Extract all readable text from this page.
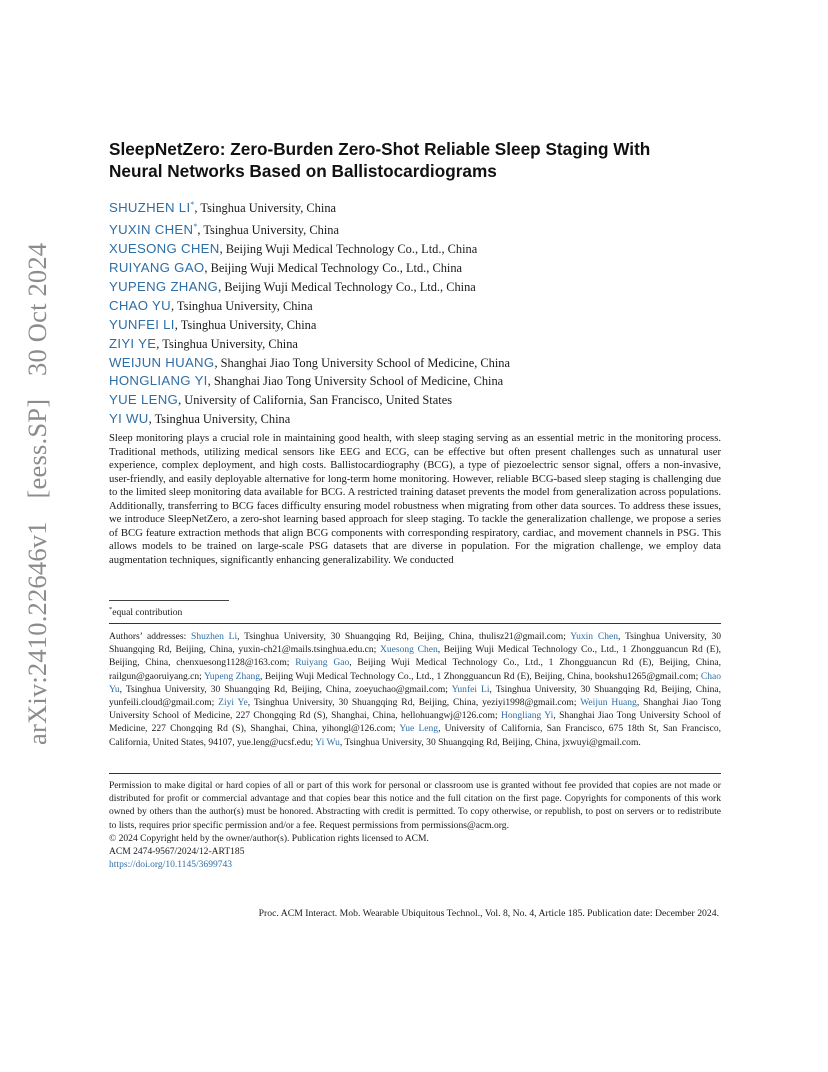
arXiv:2410.22646v1 [eess.SP] 30 Oct 2024
SleepNetZero: Zero-Burden Zero-Shot Reliable Sleep Staging With
Neural Networks Based on Ballistocardiograms
SHUZHEN LI*, Tsinghua University, China
YUXIN CHEN*, Tsinghua University, China
XUESONG CHEN, Beijing Wuji Medical Technology Co., Ltd., China
RUIYANG GAO, Beijing Wuji Medical Technology Co., Ltd., China
YUPENG ZHANG, Beijing Wuji Medical Technology Co., Ltd., China
CHAO YU, Tsinghua University, China
YUNFEI LI, Tsinghua University, China
ZIYI YE, Tsinghua University, China
WEIJUN HUANG, Shanghai Jiao Tong University School of Medicine, China
HONGLIANG YI, Shanghai Jiao Tong University School of Medicine, China
YUE LENG, University of California, San Francisco, United States
YI WU, Tsinghua University, China

Sleep monitoring plays a crucial role in maintaining good health, with sleep staging serving as an essential metric in the monitoring process. Traditional methods, utilizing medical sensors like EEG and ECG, can be effective but often present challenges such as unnatural user experience, complex deployment, and high costs. Ballistocardiography (BCG), a type of piezoelectric sensor signal, offers a non-invasive, user-friendly, and easily deployable alternative for long-term home monitoring. However, reliable BCG-based sleep staging is challenging due to the limited sleep monitoring data available for BCG. A restricted training dataset prevents the model from generalization across populations. Additionally, transferring to BCG faces difficulty ensuring model robustness when migrating from other data sources. To address these issues, we introduce SleepNetZero, a zero-shot learning based approach for sleep staging. To tackle the generalization challenge, we propose a series of BCG feature extraction methods that align BCG components with corresponding respiratory, cardiac, and movement channels in PSG. This allows models to be trained on large-scale PSG datasets that are diverse in population. For the migration challenge, we employ data augmentation techniques, significantly enhancing generalizability. We conducted

*equal contribution
Authors’ addresses: Shuzhen Li, Tsinghua University, 30 Shuangqing Rd, Beijing, China, thulisz21@gmail.com; Yuxin Chen, Tsinghua University, 30 Shuangqing Rd, Beijing, China, yuxin-ch21@mails.tsinghua.edu.cn; Xuesong Chen, Beijing Wuji Medical Technology Co., Ltd., 1 Zhongguancun Rd (E), Beijing, China, chenxuesong1128@163.com; Ruiyang Gao, Beijing Wuji Medical Technology Co., Ltd., 1 Zhongguancun Rd (E), Beijing, China, railgun@gaoruiyang.cn; Yupeng Zhang, Beijing Wuji Medical Technology Co., Ltd., 1 Zhongguancun Rd (E), Beijing, China, bookshu1265@gmail.com; Chao Yu, Tsinghua University, 30 Shuangqing Rd, Beijing, China, zoeyuchao@gmail.com; Yunfei Li, Tsinghua University, 30 Shuangqing Rd, Beijing, China, yunfeili.cloud@gmail.com; Ziyi Ye, Tsinghua University, 30 Shuangqing Rd, Beijing, China, yeziyi1998@gmail.com; Weijun Huang, Shanghai Jiao Tong University School of Medicine, 227 Chongqing Rd (S), Shanghai, China, hellohuangwj@126.com; Hongliang Yi, Shanghai Jiao Tong University School of Medicine, 227 Chongqing Rd (S), Shanghai, China, yihongl@126.com; Yue Leng, University of California, San Francisco, 675 18th St, San Francisco, California, United States, 94107, yue.leng@ucsf.edu; Yi Wu, Tsinghua University, 30 Shuangqing Rd, Beijing, China, jxwuyi@gmail.com.

Permission to make digital or hard copies of all or part of this work for personal or classroom use is granted without fee provided that copies are not made or distributed for profit or commercial advantage and that copies bear this notice and the full citation on the first page. Copyrights for components of this work owned by others than the author(s) must be honored. Abstracting with credit is permitted. To copy otherwise, or republish, to post on servers or to redistribute to lists, requires prior specific permission and/or a fee. Request permissions from permissions@acm.org.

© 2024 Copyright held by the owner/author(s). Publication rights licensed to ACM.

ACM 2474-9567/2024/12-ART185

https://doi.org/10.1145/3699743

Proc. ACM Interact. Mob. Wearable Ubiquitous Technol., Vol. 8, No. 4, Article 185. Publication date: December 2024.
